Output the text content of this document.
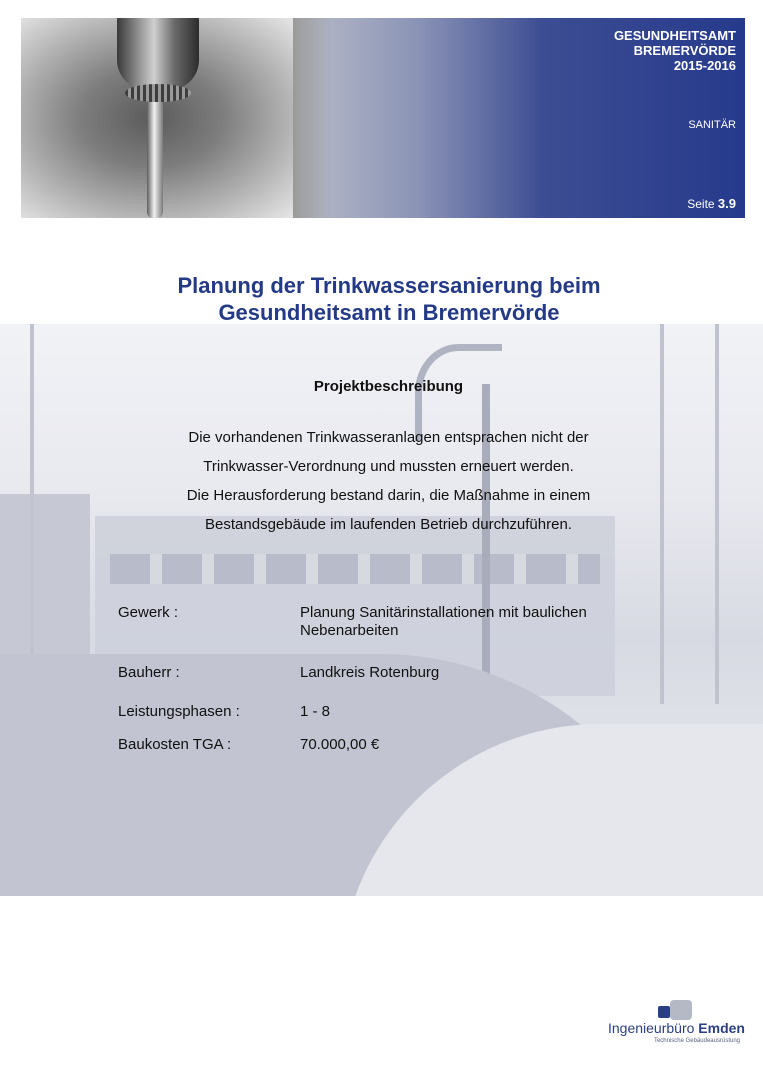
GESUNDHEITSAMT
BREMERVÖRDE
2015-2016
SANITÄR
Seite 3.9
Planung der Trinkwassersanierung beim
Gesundheitsamt in Bremervörde
Projektbeschreibung
Die vorhandenen Trinkwasseranlagen entsprachen nicht der
Trinkwasser-Verordnung und mussten erneuert werden.
Die Herausforderung bestand darin, die Maßnahme in einem
Bestandsgebäude im laufenden Betrieb durchzuführen.
Gewerk :	Planung Sanitärinstallationen mit baulichen Nebenarbeiten
Bauherr :	Landkreis Rotenburg
Leistungsphasen :	1 - 8
Baukosten TGA :	70.000,00 €
Ingenieurbüro Emden
Technische Gebäudeausrüstung
